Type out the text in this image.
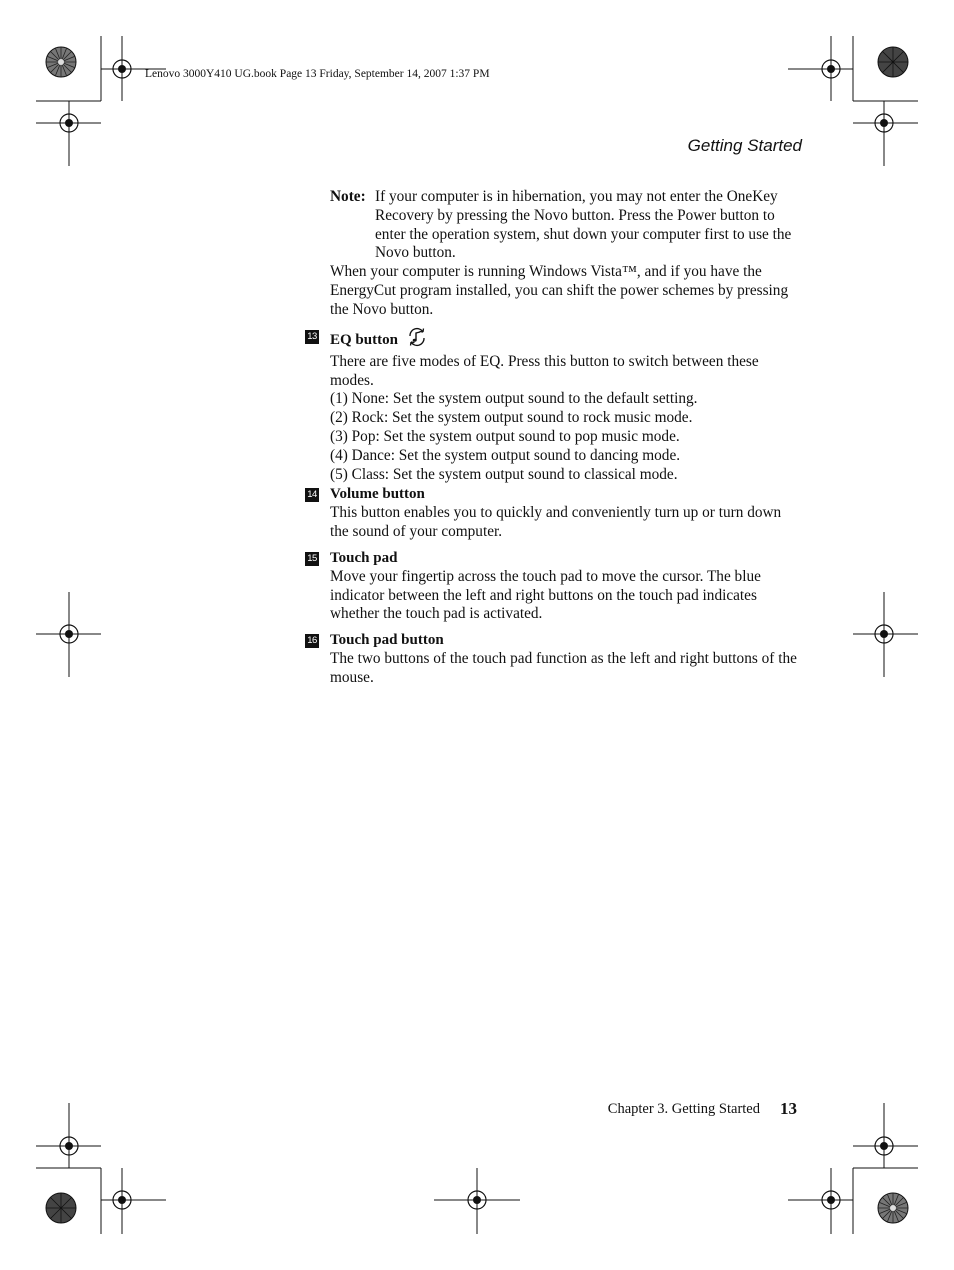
Lenovo 3000Y410 UG.book Page 13 Friday, September 14, 2007 1:37 PM
Getting Started
Note: If your computer is in hibernation, you may not enter the OneKey Recovery by pressing the Novo button. Press the Power button to enter the operation system, shut down your computer first to use the Novo button.
When your computer is running Windows Vista™, and if you have the EnergyCut program installed, you can shift the power schemes by pressing the Novo button.
13 EQ button
There are five modes of EQ. Press this button to switch between these modes.
(1) None: Set the system output sound to the default setting.
(2) Rock: Set the system output sound to rock music mode.
(3) Pop: Set the system output sound to pop music mode.
(4) Dance: Set the system output sound to dancing mode.
(5) Class: Set the system output sound to classical mode.
14 Volume button
This button enables you to quickly and conveniently turn up or turn down the sound of your computer.
15 Touch pad
Move your fingertip across the touch pad to move the cursor. The blue indicator between the left and right buttons on the touch pad indicates whether the touch pad is activated.
16 Touch pad button
The two buttons of the touch pad function as the left and right buttons of the mouse.
Chapter 3. Getting Started 13
